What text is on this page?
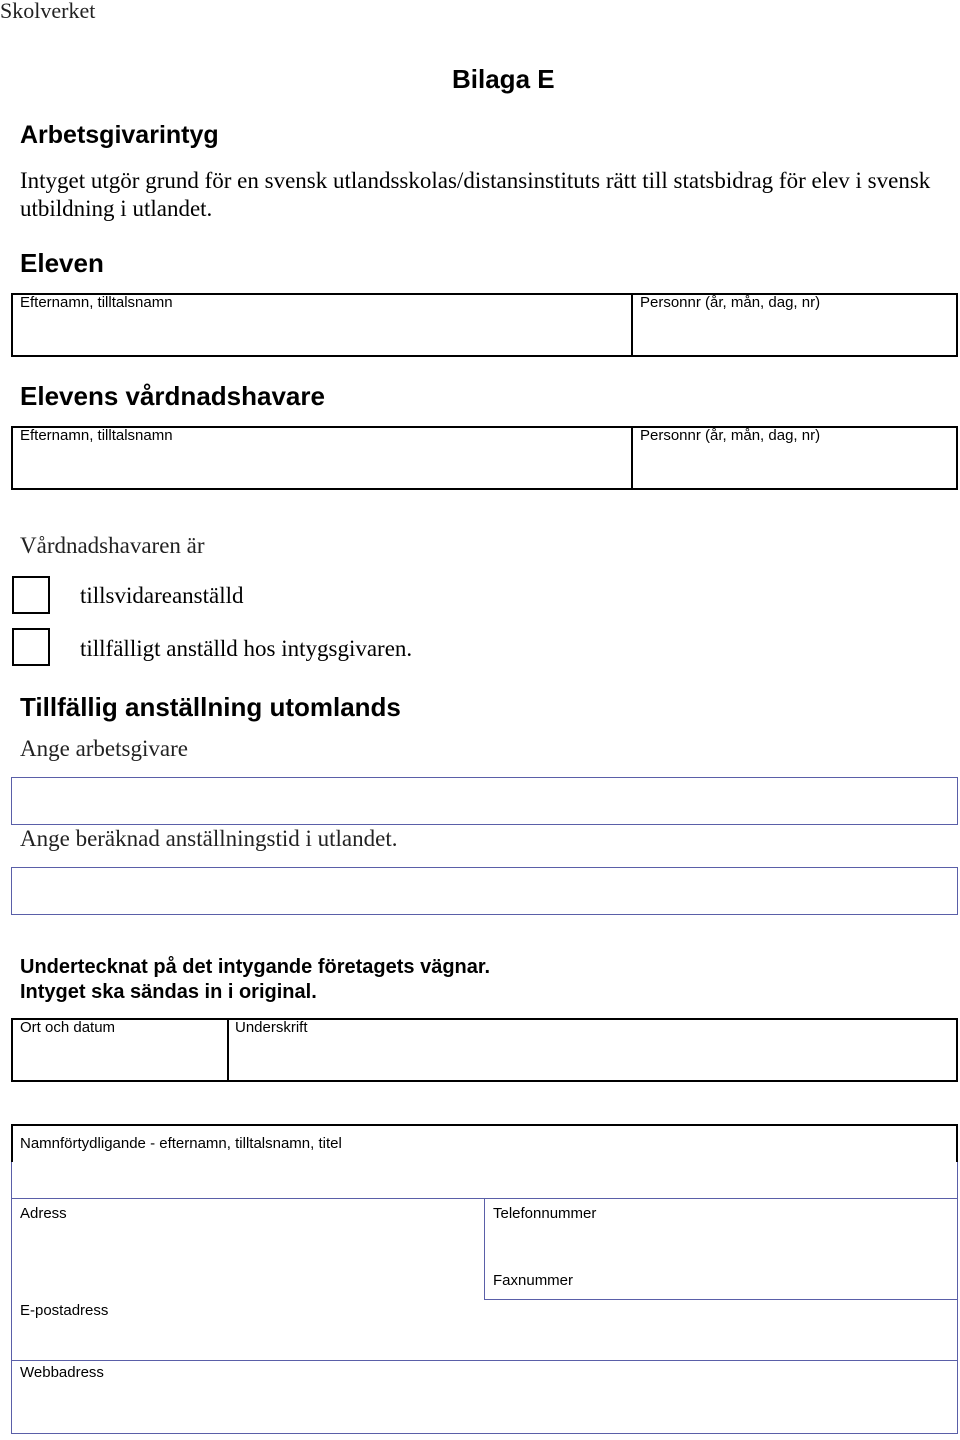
Skolverket
Bilaga E
Arbetsgivarintyg
Intyget utgör grund för en svensk utlandsskolas/distansinstituts rätt till statsbidrag för elev i svensk utbildning i utlandet.
Eleven
Efternamn, tilltalsnamn	Personnr (år, mån, dag, nr)
Elevens vårdnadshavare
Efternamn, tilltalsnamn	Personnr (år, mån, dag, nr)
Vårdnadshavaren är
tillsvidareanställd
tillfälligt anställd hos intygsgivaren.
Tillfällig anställning utomlands
Ange arbetsgivare
Ange beräknad anställningstid i utlandet.
Undertecknat på det intygande företagets vägnar.
Intyget ska sändas in i original.
Ort och datum	Underskrift
Namnförtydligande - efternamn, tilltalsnamn, titel
Adress	Telefonnummer
Faxnummer
E-postadress
Webbadress
